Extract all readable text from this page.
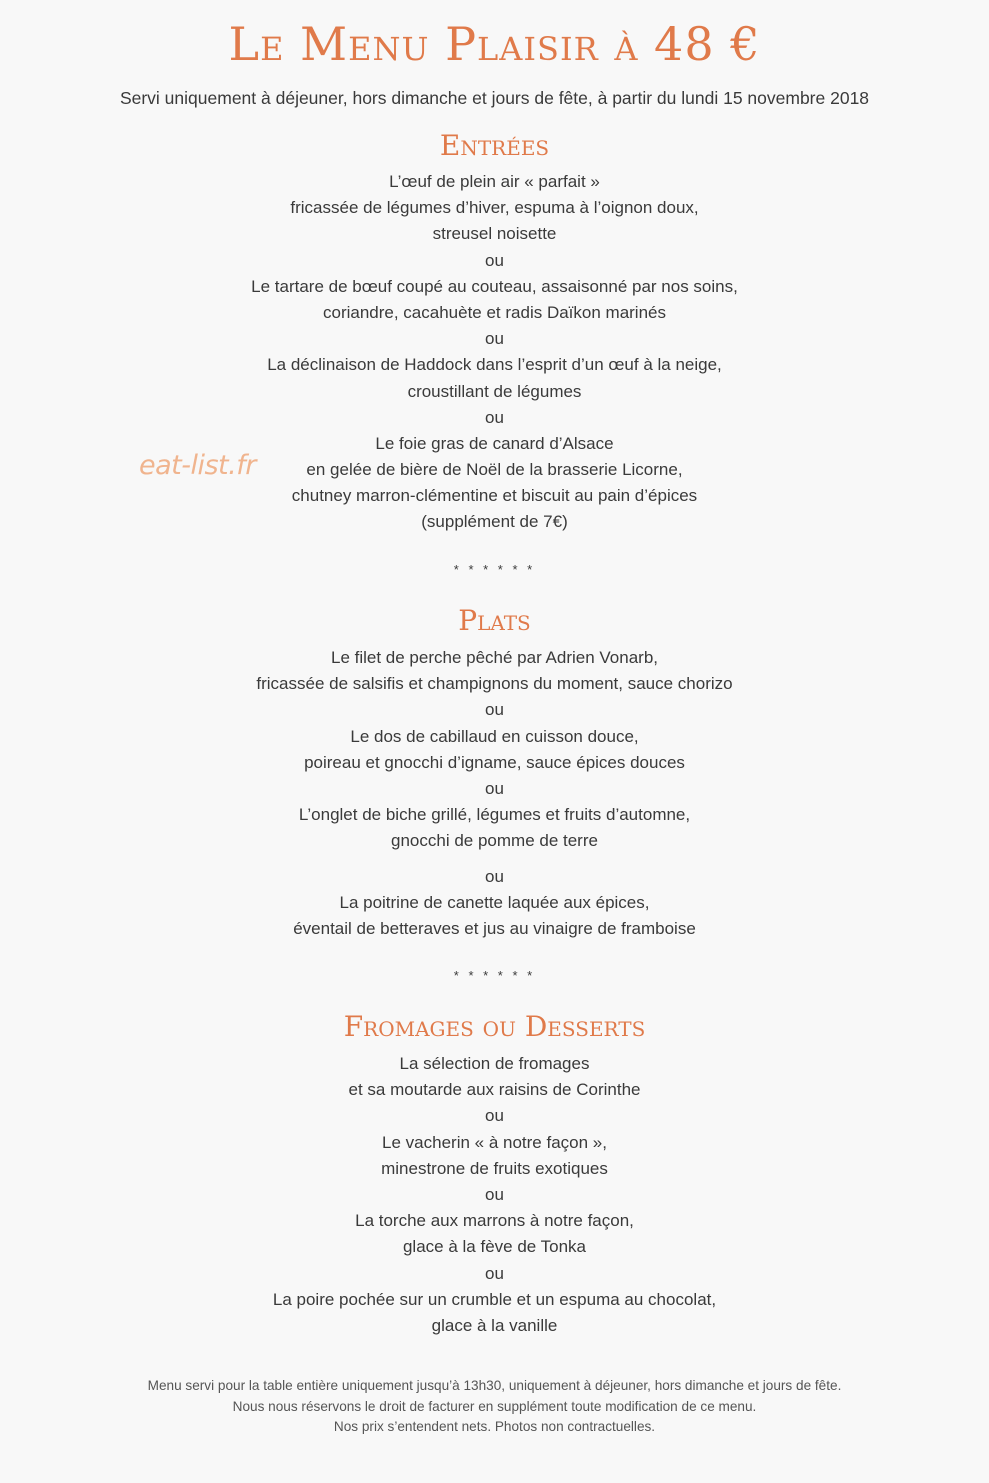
Le Menu Plaisir à 48 €
Servi uniquement à déjeuner, hors dimanche et jours de fête, à partir du lundi 15 novembre 2018
Entrées
L’œuf de plein air « parfait »
fricassée de légumes d’hiver, espuma à l’oignon doux,
streusel noisette
ou
Le tartare de bœuf coupé au couteau, assaisonné par nos soins,
coriandre, cacahuète et radis Daïkon marinés
ou
La déclinaison de Haddock dans l’esprit d’un œuf à la neige,
croustillant de légumes
ou
Le foie gras de canard d’Alsace
en gelée de bière de Noël de la brasserie Licorne,
chutney marron-clémentine et biscuit au pain d’épices
(supplément de 7€)
eat-list.fr
* * * * * *
Plats
Le filet de perche pêché par Adrien Vonarb,
fricassée de salsifis et champignons du moment, sauce chorizo
ou
Le dos de cabillaud en cuisson douce,
poireau et gnocchi d’igname, sauce épices douces
ou
L’onglet de biche grillé, légumes et fruits d’automne,
gnocchi de pomme de terre
ou
La poitrine de canette laquée aux épices,
éventail de betteraves et jus au vinaigre de framboise
* * * * * *
Fromages ou Desserts
La sélection de fromages
et sa moutarde aux raisins de Corinthe
ou
Le vacherin « à notre façon »,
minestrone de fruits exotiques
ou
La torche aux marrons à notre façon,
glace à la fève de Tonka
ou
La poire pochée sur un crumble et un espuma au chocolat,
glace à la vanille
Menu servi pour la table entière uniquement jusqu’à 13h30, uniquement à déjeuner, hors dimanche et jours de fête.
Nous nous réservons le droit de facturer en supplément toute modification de ce menu.
Nos prix s’entendent nets. Photos non contractuelles.
